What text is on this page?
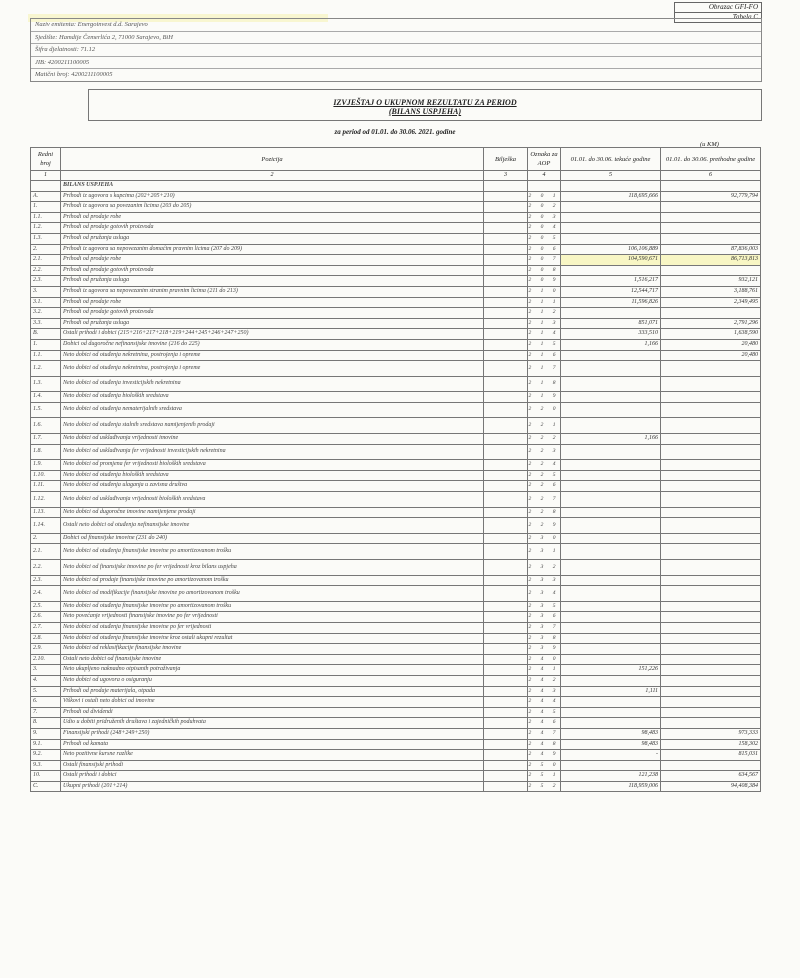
Obrazac GFI-FO
Tabela C
Naziv emitenta: Energoinvest d.d. Sarajevo
Sjedište: Hamdije Čemerlića 2, 71000 Sarajevo, BiH
Šifra djelatnosti: 71.12
JIB: 4200211100005
Matični broj: 4200211100005
IZVJEŠTAJ O UKUPNOM REZULTATU ZA PERIOD
(BILANS USPJEHA)
za period od 01.01. do 30.06. 2021. godine
(u KM)
Redni broj	Pozicija	Bilješka	Oznaka za AOP	01.01. do 30.06. tekuće godine	01.01. do 30.06. prethodne godine
1	2	3	4	5	6
	BILANS USPJEHA				
A.	Prihodi iz ugovora s kupcima (202+205+210)		2 0 1	118,695,666	92,779,794
1.	Prihodi iz ugovora sa povezanim licima (203 do 205)		2 0 2		
1.1.	Prihodi od prodaje robe		2 0 3		
1.2.	Prihodi od prodaje gotovih proizvoda		2 0 4		
1.3.	Prihodi od pružanja usluga		2 0 5		
2.	Prihodi iz ugovora sa nepovezanim domaćim pravnim licima (207 do 209)		2 0 6	106,106,889	87,836,003
2.1.	Prihodi od prodaje robe		2 0 7	104,590,671	86,713,813
2.2.	Prihodi od prodaje gotovih proizvoda		2 0 8		
2.3.	Prihodi od pružanja usluga		2 0 9	1,516,217	932,121
3.	Prihodi iz ugovora sa nepovezanim stranim pravnim licima (211 do 213)		2 1 0	12,544,717	3,188,761
3.1.	Prihodi od prodaje robe		2 1 1	11,596,826	2,349,495
3.2.	Prihodi od prodaje gotovih proizvoda		2 1 2		
3.3.	Prihodi od pružanja usluga		2 1 3	851,071	2,791,296
B.	Ostali prihodi i dobici (215+216+217+218+219+244+245+246+247+250)		2 1 4	333,510	1,638,590
1.	Dobici od dugoročne nefinansijske imovine (216 do 225)		2 1 5	1,166	20,480
1.1.	Neto dobici od otuđenja nekretnina, postrojenja i opreme		2 1 6		20,480
1.2.	Neto dobici od otuđenja nekretnina, postrojenja i opreme		2 1 7		
1.3.	Neto dobici od otuđenja investicijskih nekretnina		2 1 8		
1.4.	Neto dobici od otuđenja bioloških sredstava		2 1 9		
1.5.	Neto dobici od otuđenja nematerijalnih sredstava		2 2 0		
1.6.	Neto dobici od otuđenja stalnih sredstava namijenjenih prodaji		2 2 1		
1.7.	Neto dobici od usklađivanja vrijednosti imovine		2 2 2	1,166	
1.8.	Neto dobici od usklađivanja fer vrijednosti investicijskih nekretnina		2 2 3		
1.9.	Neto dobici od promjena fer vrijednosti bioloških sredstava		2 2 4		
1.10.	Neto dobici od otuđenja bioloških sredstava		2 2 5		
1.11.	Neto dobici od otuđenja ulaganja u zavisna društva		2 2 6		
1.12.	Neto dobici od usklađivanja vrijednosti bioloških sredstava		2 2 7		
1.13.	Neto dobici od dugoročne imovine namijenjene prodaji		2 2 8		
1.14.	Ostali neto dobici od otuđenja nefinansijske imovine		2 2 9		
2.	Dobici od finansijske imovine (231 do 240)		2 3 0		
2.1.	Neto dobici od otuđenja finansijske imovine po amortizovanom trošku		2 3 1		
2.2.	Neto dobici od finansijske imovine po fer vrijednosti kroz bilans uspjeha		2 3 2		
2.3.	Neto dobici od prodaje finansijske imovine po amortizovanom trošku		2 3 3		
2.4.	Neto dobici od modifikacije finansijske imovine po amortizovanom trošku		2 3 4		
2.5.	Neto dobici od otuđenja finansijske imovine po amortizovanom trošku		2 3 5		
2.6.	Neto povećanje vrijednosti finansijske imovine po fer vrijednosti		2 3 6		
2.7.	Neto dobici od otuđenja finansijske imovine po fer vrijednosti		2 3 7		
2.8.	Neto dobici od otuđenja finansijske imovine kroz ostali ukupni rezultat		2 3 8		
2.9.	Neto dobici od reklasifikacije finansijske imovine		2 3 9		
2.10.	Ostali neto dobici od finansijske imovine		2 4 0		
3.	Neto ukupljeno naknadno otpisanih potraživanja		2 4 1	151,226	
4.	Neto dobici od ugovora o osiguranju		2 4 2		
5.	Prihodi od prodaje materijala, otpada		2 4 3	1,111	
6.	Viškovi i ostali neto dobici od imovine		2 4 4		
7.	Prihodi od dividendi		2 4 5		
8.	Udio u dobiti pridruženih društava i zajedničkih poduhvata		2 4 6		
9.	Finansijski prihodi (248+249+250)		2 4 7	98,483	973,333
9.1.	Prihodi od kamata		2 4 8	98,483	158,302
9.2.	Neto pozitivne kursne razlike		2 4 9	-	815,031
9.3.	Ostali finansijski prihodi		2 5 0		
10.	Ostali prihodi i dobici		2 5 1	121,238	634,567
C.	Ukupni prihodi (201+214)		2 5 2	118,959,006	94,408,384
